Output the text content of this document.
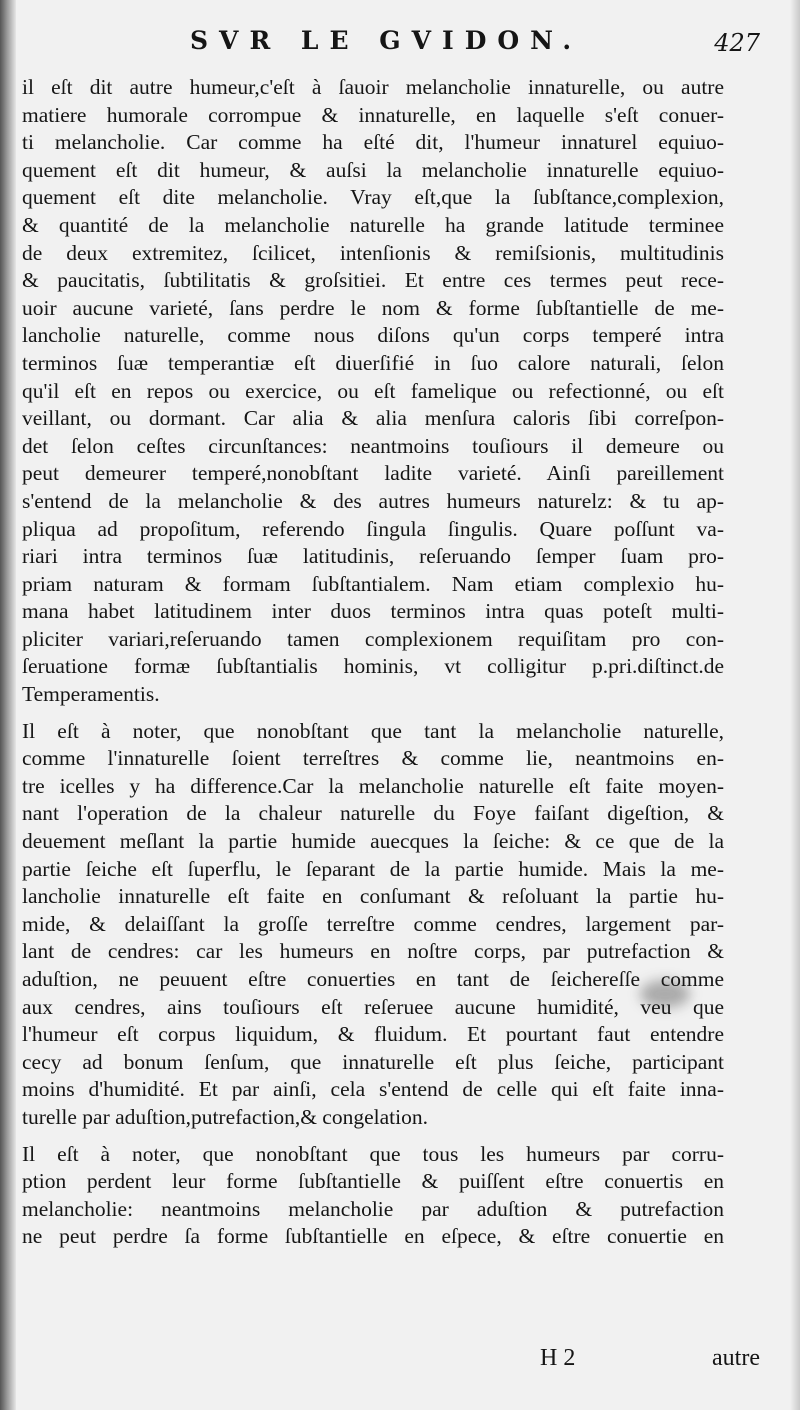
SVR LE GVIDON.	427
il eſt dit autre humeur,c'eſt à ſauoir melancholie innaturelle, ou autre
matiere humorale corrompue & innaturelle, en laquelle s'eſt conuer-
ti melancholie. Car comme ha eſté dit, l'humeur innaturel equiuo-
quement eſt dit humeur, & auſsi la melancholie innaturelle equiuo-
quement eſt dite melancholie. Vray eſt,que la ſubſtance,complexion,
& quantité de la melancholie naturelle ha grande latitude terminee
de deux extremitez, ſcilicet, intenſionis & remiſsionis, multitudinis
& paucitatis, ſubtilitatis & groſsitiei. Et entre ces termes peut rece-
uoir aucune varieté, ſans perdre le nom & forme ſubſtantielle de me-
lancholie naturelle, comme nous diſons qu'un corps temperé intra
terminos ſuæ temperantiæ eſt diuerſifié in ſuo calore naturali, ſelon
qu'il eſt en repos ou exercice, ou eſt famelique ou refectionné, ou eſt
veillant, ou dormant. Car alia & alia menſura caloris ſibi correſpon-
det ſelon ceſtes circunſtances: neantmoins touſiours il demeure ou
peut demeurer temperé,nonobſtant ladite varieté. Ainſi pareillement
s'entend de la melancholie & des autres humeurs naturelz: & tu ap-
pliqua ad propoſitum, referendo ſingula ſingulis. Quare poſſunt va-
riari intra terminos ſuæ latitudinis, reſeruando ſemper ſuam pro-
priam naturam & formam ſubſtantialem. Nam etiam complexio hu-
mana habet latitudinem inter duos terminos intra quas poteſt multi-
pliciter variari,reſeruando tamen complexionem requiſitam pro con-
ſeruatione formæ ſubſtantialis hominis, vt colligitur p.pri.diſtinct.de
Temperamentis.
Il eſt à noter, que nonobſtant que tant la melancholie naturelle,
comme l'innaturelle ſoient terreſtres & comme lie, neantmoins en-
tre icelles y ha difference.Car la melancholie naturelle eſt faite moyen-
nant l'operation de la chaleur naturelle du Foye faiſant digeſtion, &
deuement meſlant la partie humide auecques la ſeiche: & ce que de la
partie ſeiche eſt ſuperflu, le ſeparant de la partie humide. Mais la me-
lancholie innaturelle eſt faite en conſumant & reſoluant la partie hu-
mide, & delaiſſant la groſſe terreſtre comme cendres, largement par-
lant de cendres: car les humeurs en noſtre corps, par putrefaction &
aduſtion, ne peuuent eſtre conuerties en tant de ſeichereſſe comme
aux cendres, ains touſiours eſt reſeruee aucune humidité, veu que
l'humeur eſt corpus liquidum, & fluidum. Et pourtant faut entendre
cecy ad bonum ſenſum, que innaturelle eſt plus ſeiche, participant
moins d'humidité. Et par ainſi, cela s'entend de celle qui eſt faite inna-
turelle par aduſtion,putrefaction,& congelation.
Il eſt à noter, que nonobſtant que tous les humeurs par corru-
ption perdent leur forme ſubſtantielle & puiſſent eſtre conuertis en
melancholie: neantmoins melancholie par aduſtion & putrefaction
ne peut perdre ſa forme ſubſtantielle en eſpece, & eſtre conuertie en
H 2	autre
